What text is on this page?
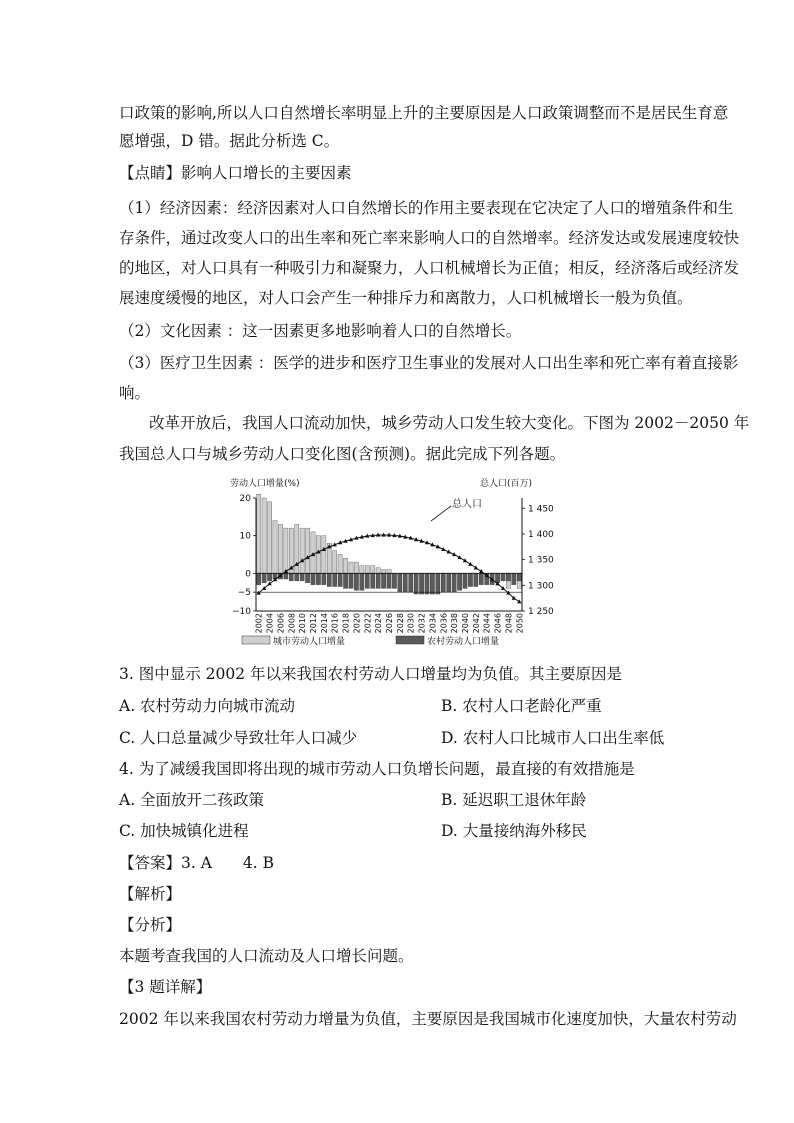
口政策的影响,所以人口自然增长率明显上升的主要原因是人口政策调整而不是居民生育意
愿增强，D 错。据此分析选 C。
【点睛】影响人口增长的主要因素
（1）经济因素：经济因素对人口自然增长的作用主要表现在它决定了人口的增殖条件和生
存条件，通过改变人口的出生率和死亡率来影响人口的自然增率。经济发达或发展速度较快
的地区，对人口具有一种吸引力和凝聚力，人口机械增长为正值；相反，经济落后或经济发
展速度缓慢的地区，对人口会产生一种排斥力和离散力，人口机械增长一般为负值。
（2）文化因素 ：这一因素更多地影响着人口的自然增长。
（3）医疗卫生因素 ：医学的进步和医疗卫生事业的发展对人口出生率和死亡率有着直接影
响。
改革开放后，我国人口流动加快，城乡劳动人口发生较大变化。下图为 2002－2050 年
我国总人口与城乡劳动人口变化图(含预测)。据此完成下列各题。
劳动人口增量(%)	总人口(百万)
20
10
0
−5
−10
1 450
1 400
1 350
1 300
1 250
2002 2004 2006 2008 2010 2012 2014 2016 2018 2020 2022 2024 2026 2028 2030 2032 2034 2036 2038 2040 2042 2044 2046 2048 2050
总人口
城市劳动人口增量	农村劳动人口增量
3. 图中显示 2002 年以来我国农村劳动人口增量均为负值。其主要原因是
A. 农村劳动力向城市流动	B. 农村人口老龄化严重
C. 人口总量减少导致壮年人口减少	D. 农村人口比城市人口出生率低
4. 为了减缓我国即将出现的城市劳动人口负增长问题，最直接的有效措施是
A. 全面放开二孩政策	B. 延迟职工退休年龄
C. 加快城镇化进程	D. 大量接纳海外移民
【答案】3. A　　4. B
【解析】
【分析】
本题考查我国的人口流动及人口增长问题。
【3 题详解】
2002 年以来我国农村劳动力增量为负值，主要原因是我国城市化速度加快，大量农村劳动
